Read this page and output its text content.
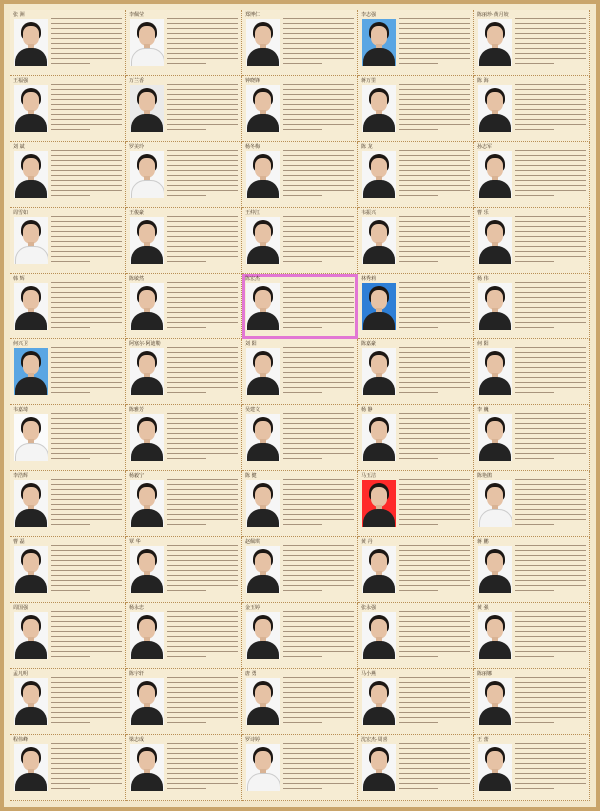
张 洲	李佩莹	郑博仁	李志强	陈丽珍·黄月姣
王福强	万兰香	钟晓锋	蒋万里	陈 海
刘 斌	罗美玲	杨冬梅	陈 龙	孙志军
周雪如	王俊豪	王仲江	韦振兴	曹 乐
韩 辉	陈敏然	陈宏杰	林秀莉	杨 伟
何兴卫	阿塞尔·阿迪勒	刘 阳	陈嘉豪	何 阳
韦嘉琦	陈雅芳	吴建文	杨 静	李 巍
李浩辉	杨毅宁	陈 健	马玉洁	陈艳鹃
曹 磊	覃 华	赵佩琪	黄 丹	蒋 鹏
周国强	杨永忠	金玉婷	张永强	黄 强
孟凡明	陈宇轩	唐 勇	马小燕	陈丽娜
程伟峰	梁志成	罗诗婷	沈宏杰·周喜	王 蕾
